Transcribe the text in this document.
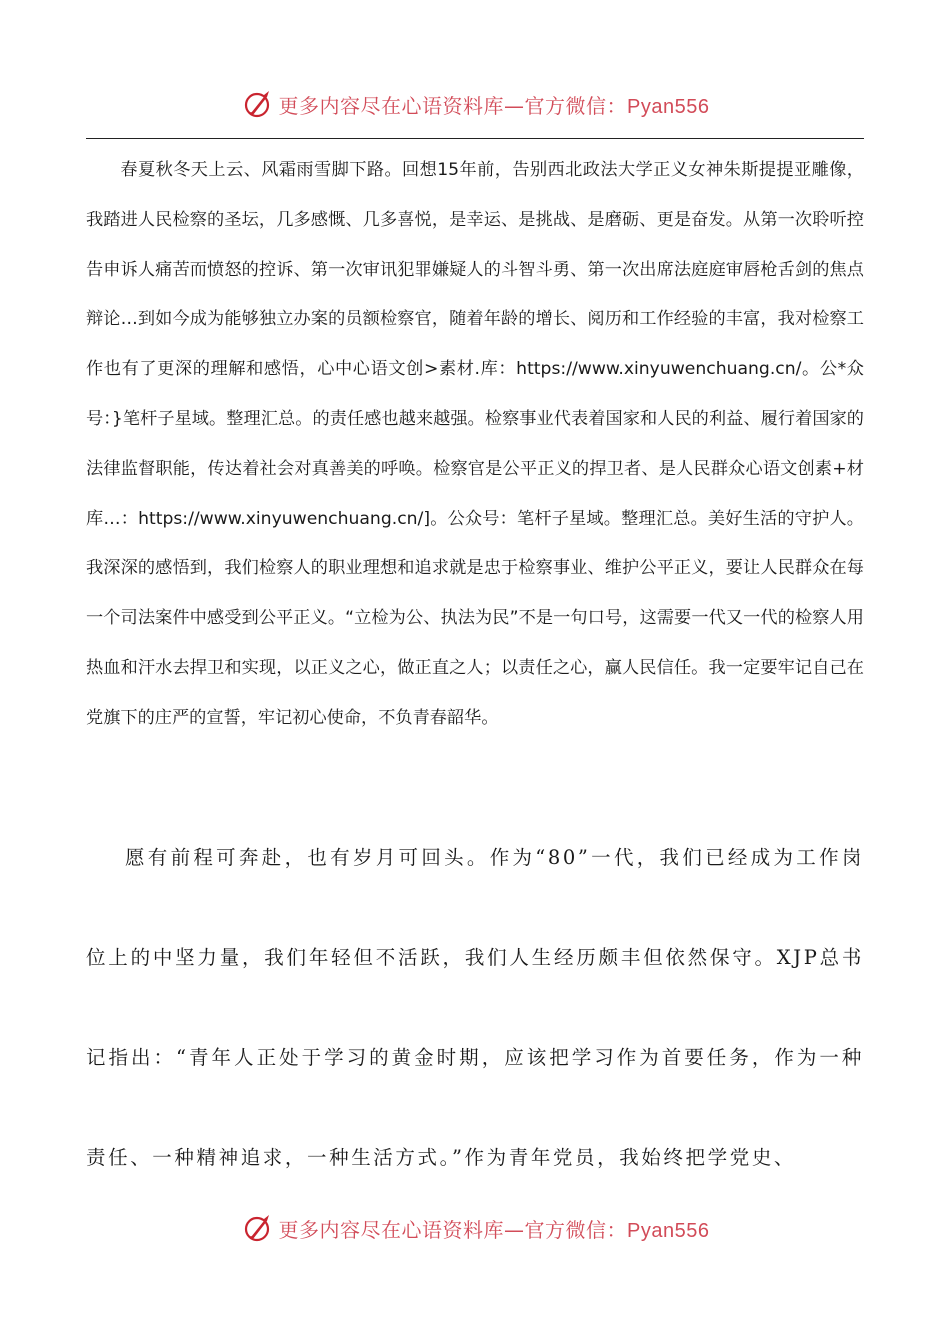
更多内容尽在心语资料库—官方微信：Pyan556

春夏秋冬天上云、风霜雨雪脚下路。回想15年前，告别西北政法大学正义女神朱斯提提亚雕像，我踏进人民检察的圣坛，几多感慨、几多喜悦，是幸运、是挑战、是磨砺、更是奋发。从第一次聆听控告申诉人痛苦而愤怒的控诉、第一次审讯犯罪嫌疑人的斗智斗勇、第一次出席法庭庭审唇枪舌剑的焦点辩论…到如今成为能够独立办案的员额检察官，随着年龄的增长、阅历和工作经验的丰富，我对检察工作也有了更深的理解和感悟，心中心语文创>素材.库：https://www.xinyuwenchuang.cn/。公*众号：}笔杆子星域。整理汇总。的责任感也越来越强。检察事业代表着国家和人民的利益、履行着国家的法律监督职能，传达着社会对真善美的呼唤。检察官是公平正义的捍卫者、是人民群众心语文创素+材库…：https://www.xinyuwenchuang.cn/]。公众号：笔杆子星域。整理汇总。美好生活的守护人。我深深的感悟到，我们检察人的职业理想和追求就是忠于检察事业、维护公平正义，要让人民群众在每一个司法案件中感受到公平正义。“立检为公、执法为民”不是一句口号，这需要一代又一代的检察人用热血和汗水去捍卫和实现，以正义之心，做正直之人；以责任之心，赢人民信任。我一定要牢记自己在党旗下的庄严的宣誓，牢记初心使命，不负青春韶华。

愿有前程可奔赴，也有岁月可回头。作为“80”一代，我们已经成为工作岗位上的中坚力量，我们年轻但不活跃，我们人生经历颇丰但依然保守。XJP总书记指出：“青年人正处于学习的黄金时期，应该把学习作为首要任务，作为一种责任、一种精神追求，一种生活方式。”作为青年党员，我始终把学党史、

更多内容尽在心语资料库—官方微信：Pyan556
